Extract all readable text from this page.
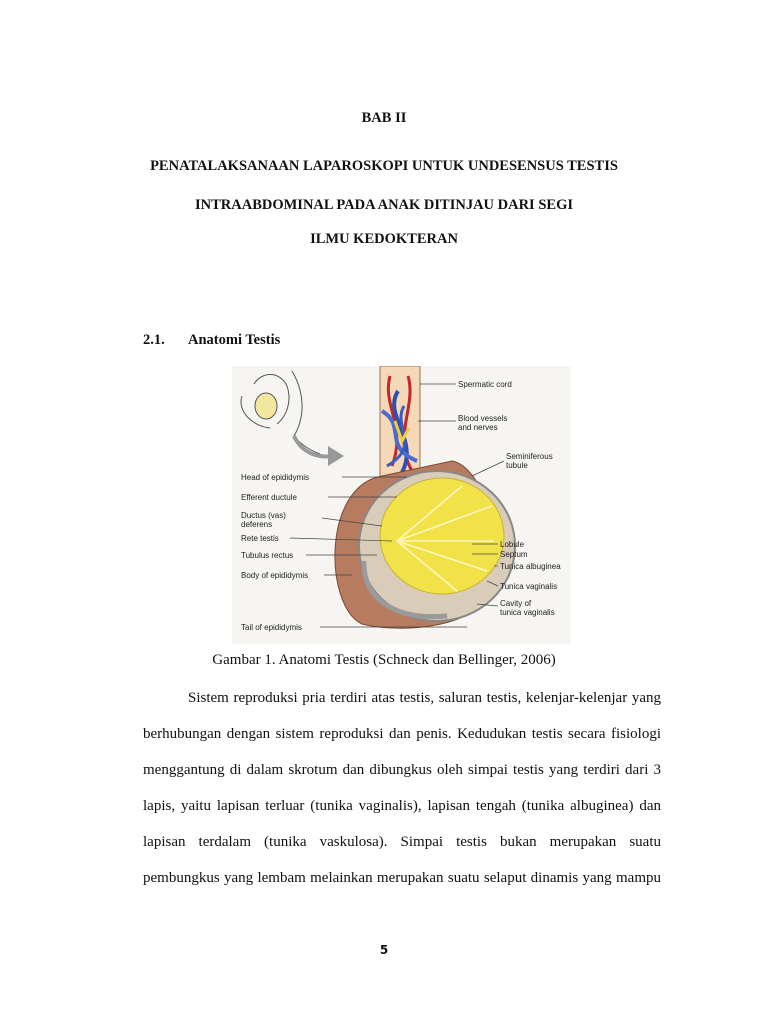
BAB II
PENATALAKSANAAN LAPAROSKOPI UNTUK UNDESENSUS TESTIS
INTRAABDOMINAL PADA ANAK DITINJAU DARI SEGI
ILMU KEDOKTERAN
2.1. Anatomi Testis
Spermatic cord
Blood vessels
and nerves
Seminiferous
tubule
Head of epididymis
Efferent ductule
Ductus (vas)
deferens
Rete testis
Tubulus rectus
Body of epididymis
Tail of epididymis
Lobule
Septum
Tunica albuginea
Tunica vaginalis
Cavity of
tunica vaginalis
Gambar 1. Anatomi Testis (Schneck dan Bellinger, 2006)
Sistem reproduksi pria terdiri atas testis, saluran testis, kelenjar-kelenjar yang
berhubungan dengan sistem reproduksi dan penis. Kedudukan testis secara fisiologi
menggantung di dalam skrotum dan dibungkus oleh simpai testis yang terdiri dari 3
lapis, yaitu lapisan terluar (tunika vaginalis), lapisan tengah (tunika albuginea) dan
lapisan terdalam (tunika vaskulosa). Simpai testis bukan merupakan suatu
pembungkus yang lembam melainkan merupakan suatu selaput dinamis yang mampu
5
